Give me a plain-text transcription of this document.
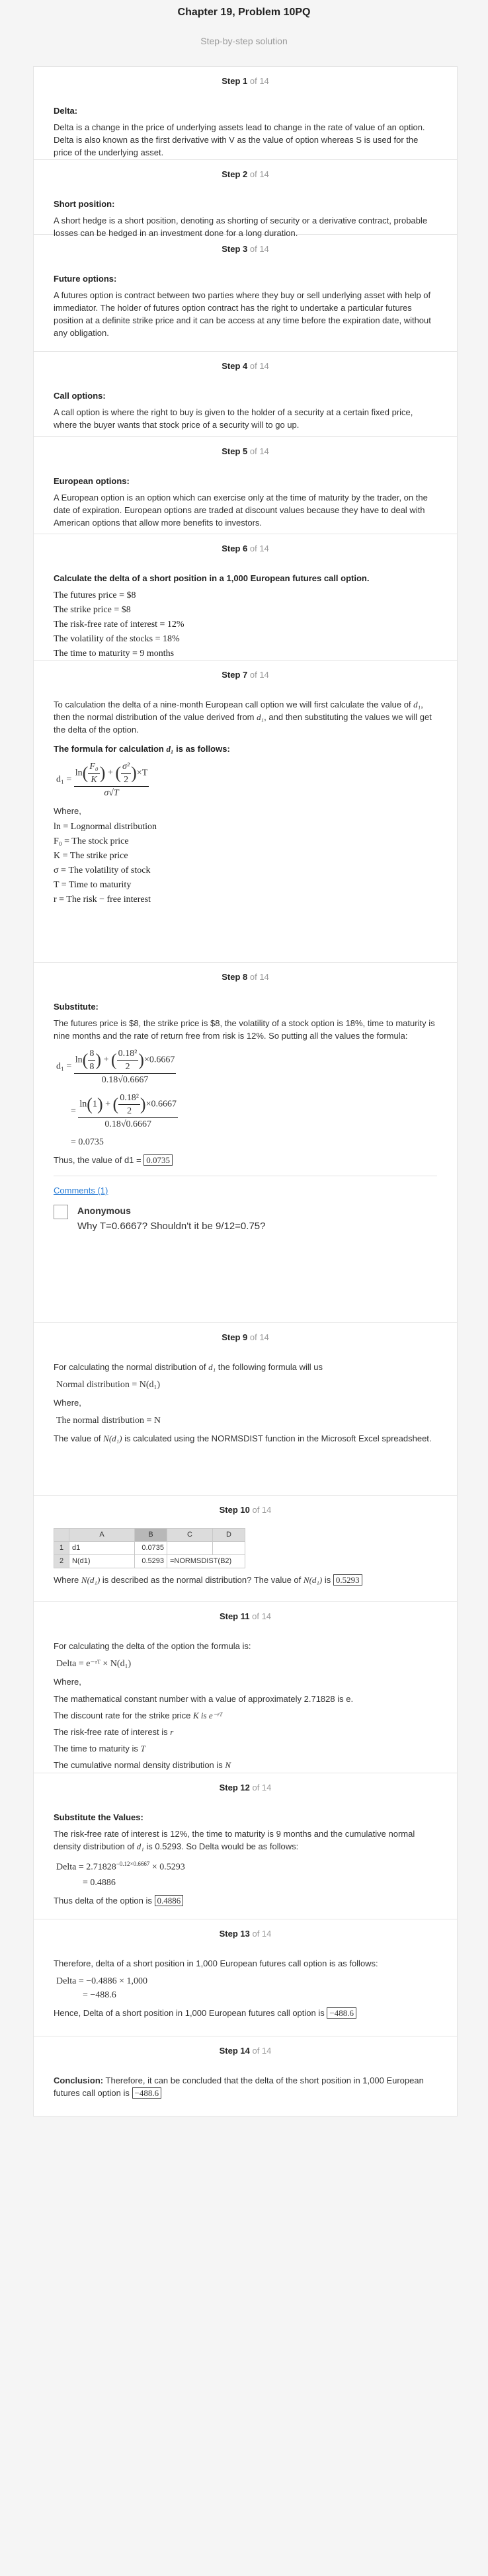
Chapter 19, Problem 10PQ
Step-by-step solution
Step 1 of 14
Delta:
Delta is a change in the price of underlying assets lead to change in the rate of value of an option. Delta is also known as the first derivative with V as the value of option whereas S is used for the price of the underlying asset.
Step 2 of 14
Short position:
A short hedge is a short position, denoting as shorting of security or a derivative contract, probable losses can be hedged in an investment done for a long duration.
Step 3 of 14
Future options:
A futures option is contract between two parties where they buy or sell underlying asset with help of immediator. The holder of futures option contract has the right to undertake a particular futures position at a definite strike price and it can be access at any time before the expiration date, without any obligation.
Step 4 of 14
Call options:
A call option is where the right to buy is given to the holder of a security at a certain fixed price, where the buyer wants that stock price of a security will to go up.
Step 5 of 14
European options:
A European option is an option which can exercise only at the time of maturity by the trader, on the date of expiration. European options are traded at discount values because they have to deal with American options that allow more benefits to investors.
Step 6 of 14
Calculate the delta of a short position in a 1,000 European futures call option.
The futures price = $8
The strike price = $8
The risk-free rate of interest = 12%
The volatility of the stocks = 18%
The time to maturity = 9 months
Step 7 of 14
To calculation the delta of a nine-month European call option we will first calculate the value of d₁, then the normal distribution of the value derived from d₁, and then substituting the values we will get the delta of the option.
The formula for calculation d₁ is as follows:
$d_1 = \frac{\ln( \frac{\text{F₀}}{K} ) + ( \frac{\text{σ²}}{2} )\times T}{\sigma√T}$
Where,
ln = Lognormal distribution
F₀ = The stock price
K = The strike price
σ = The volatility of stock
T = Time to maturity
r = The risk − free interest
Step 8 of 14
Substitute:
The futures price is $8, the strike price is $8, the volatility of a stock option is 18%, time to maturity is nine months and the rate of return free from risk is 12%. So putting all the values the formula:
$d_1 = \frac{\ln( \frac{8}{8} ) + ( \frac{\text{0.18²}}{2} )\times 0.6667}{0.18√0.6667}$
= $\frac{\ln(1) + ( \frac{\text{0.18²}}{2} )\times 0.6667}{0.18√0.6667}$
= 0.0735
Thus, the value of d1 = 0.0735
Comments (1)
Anonymous
Why T=0.6667? Shouldn't it be 9/12=0.75?
Step 9 of 14
For calculating the normal distribution of d₁ the following formula will us
Normal distribution = N(d₁)
Where,
The normal distribution = N
The value of N(d₁) is calculated using the NORMSDIST function in the Microsoft Excel spreadsheet.
Step 10 of 14
	A	B	C	D
1	d1	0.0735		
2	N(d1)	0.5293	=NORMSDIST(B2)	
Where N(d₁) is described as the normal distribution? The value of N(d₁) is 0.5293
Step 11 of 14
For calculating the delta of the option the formula is:
Delta = e⁻ʳᵀ × N(d₁)
Where,
The mathematical constant number with a value of approximately 2.71828 is e.
The discount rate for the strike price K is e⁻ʳᵀ
The risk-free rate of interest is r
The time to maturity is T
The cumulative normal density distribution is N
Step 12 of 14
Substitute the Values:
The risk-free rate of interest is 12%, the time to maturity is 9 months and the cumulative normal density distribution of d₁ is 0.5293. So Delta would be as follows:
Delta = $2.71828^{-0.12\times 0.6667} \times 0.5293$
= 0.4886
Thus delta of the option is 0.4886
Step 13 of 14
Therefore, delta of a short position in 1,000 European futures call option is as follows:
Delta = −0.4886 × 1,000
= −488.6
Hence, Delta of a short position in 1,000 European futures call option is −488.6
Step 14 of 14
Conclusion: Therefore, it can be concluded that the delta of the short position in 1,000 European futures call option is −488.6
